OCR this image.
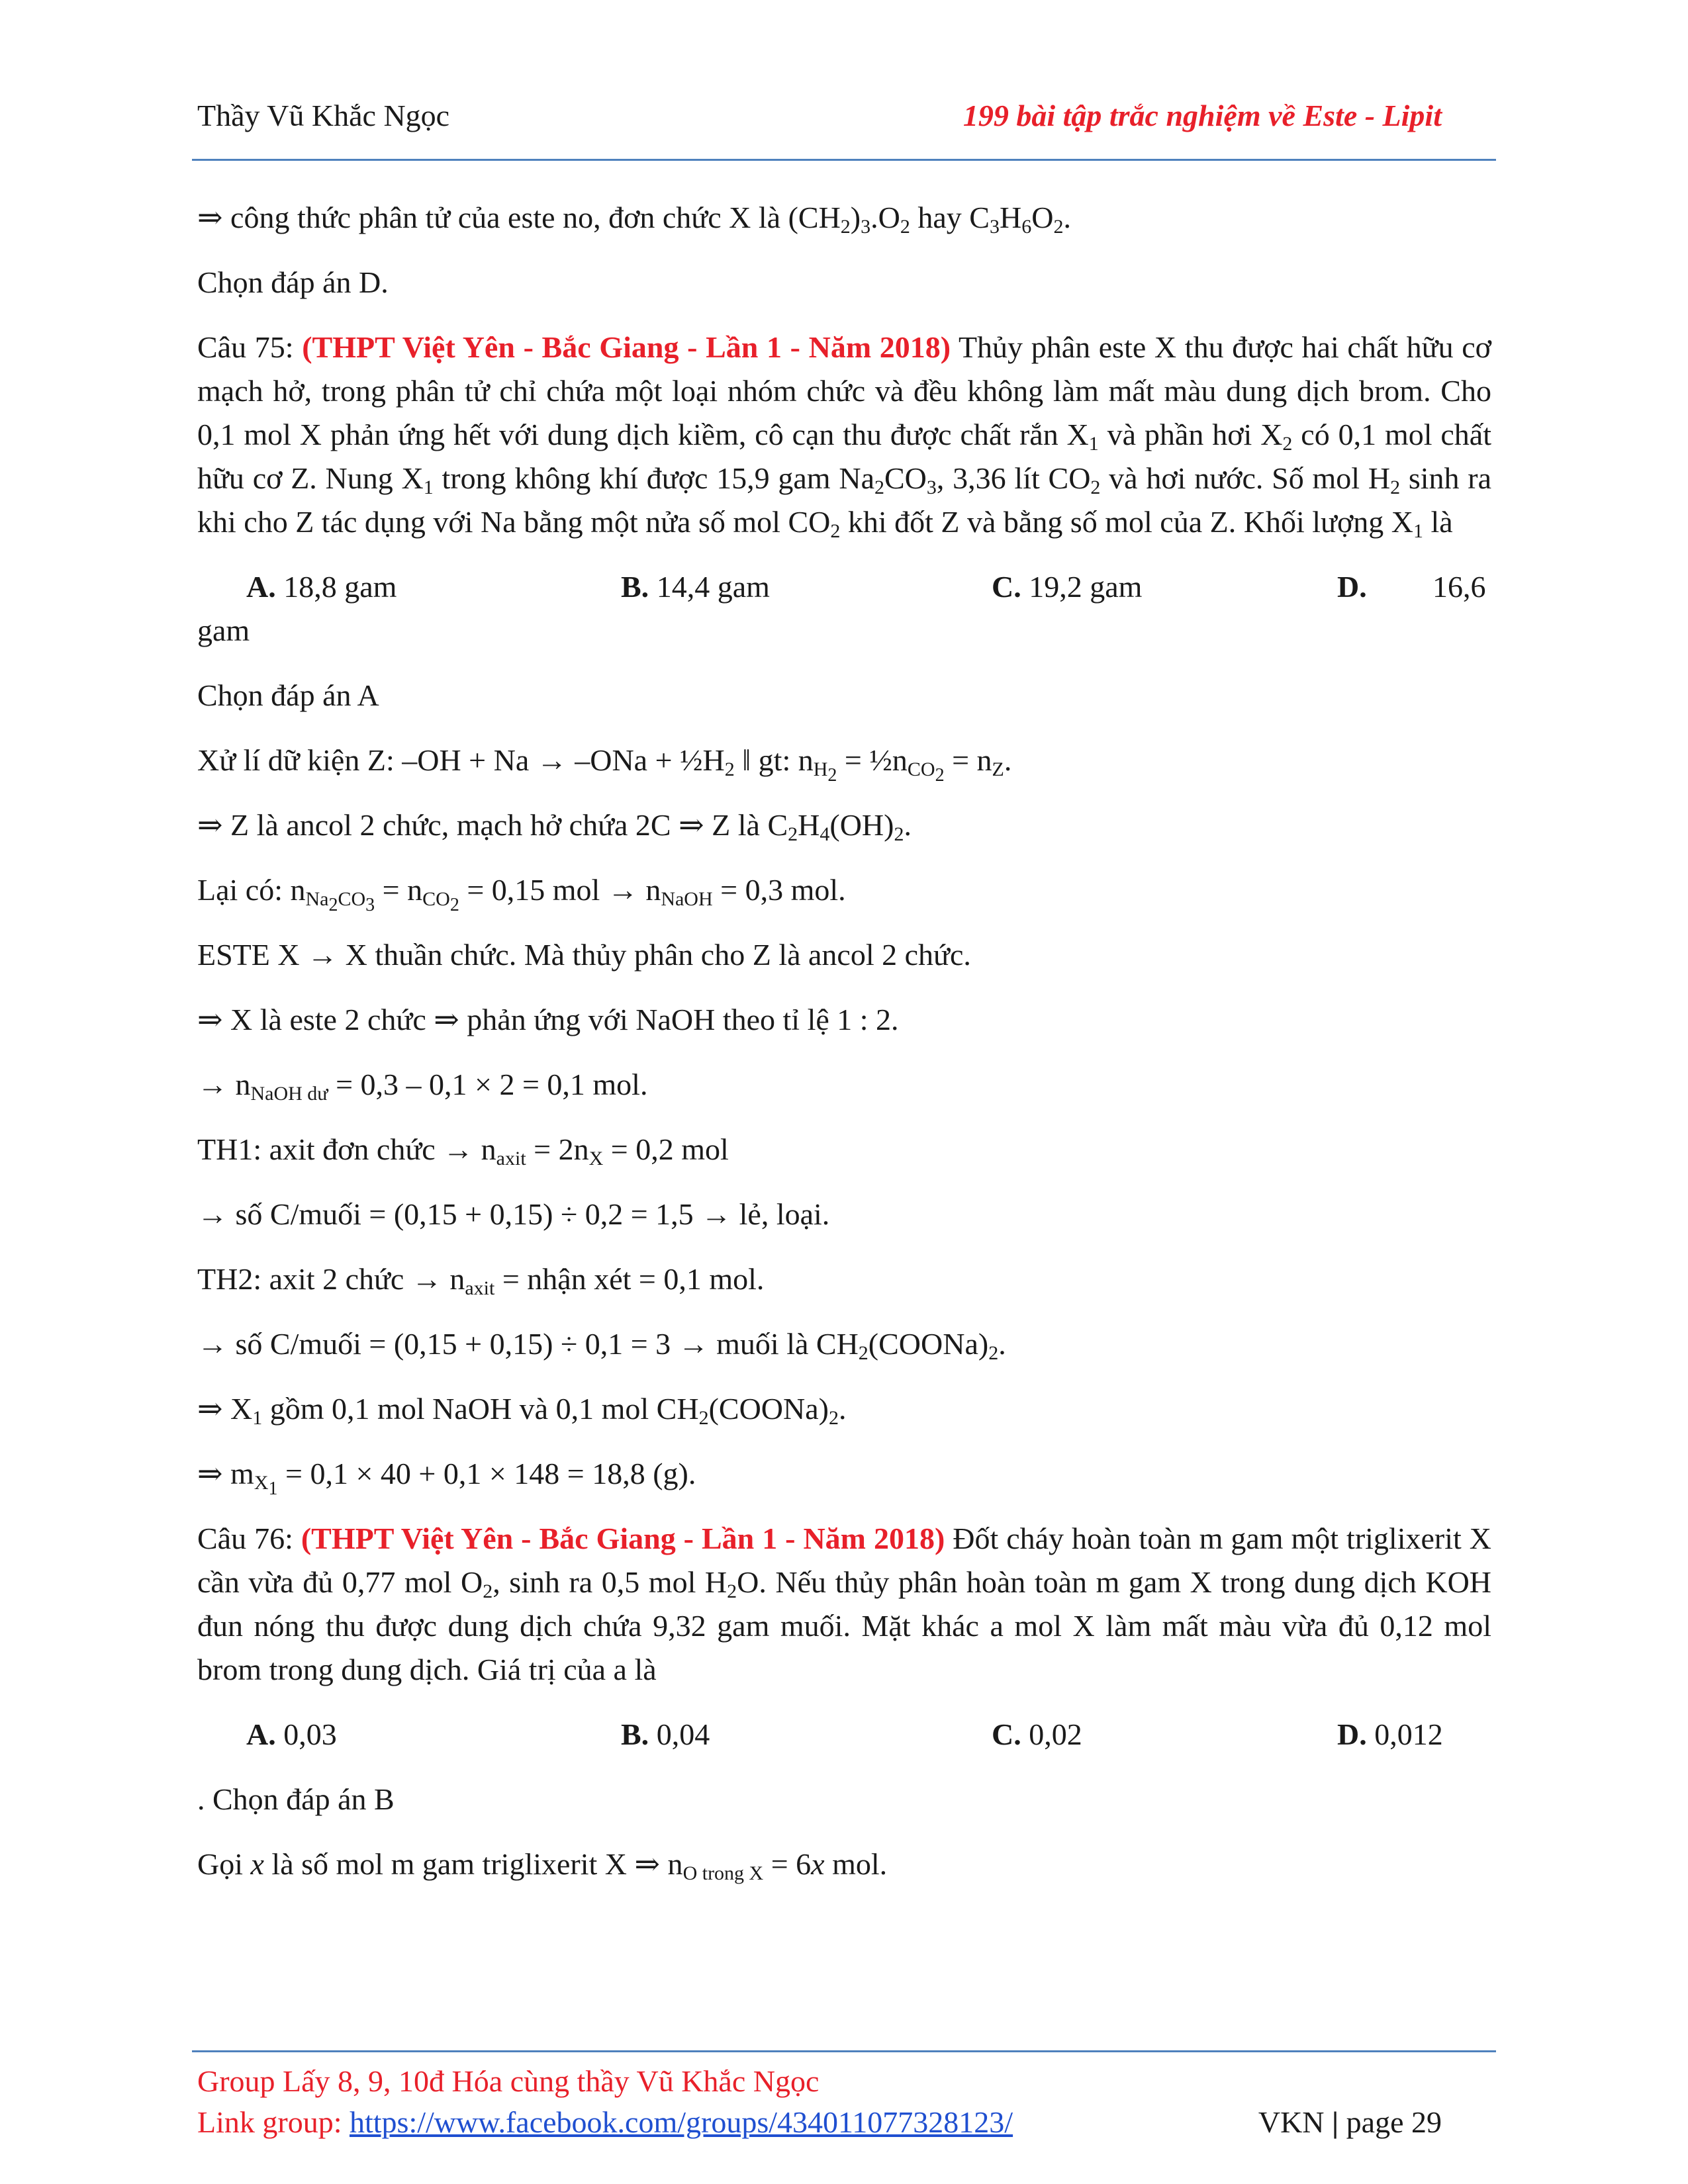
Thầy Vũ Khắc Ngọc	199 bài tập trắc nghiệm về Este - Lipit

⇒ công thức phân tử của este no, đơn chức X là $(CH_2)_3.O_2$ hay $C_3H_6O_2$.

Chọn đáp án D.

Câu 75: (THPT Việt Yên - Bắc Giang - Lần 1 - Năm 2018) Thủy phân este X thu được hai chất hữu cơ mạch hở, trong phân tử chỉ chứa một loại nhóm chức và đều không làm mất màu dung dịch brom. Cho 0,1 mol X phản ứng hết với dung dịch kiềm, cô cạn thu được chất rắn $X_1$ và phần hơi $X_2$ có 0,1 mol chất hữu cơ Z. Nung $X_1$ trong không khí được 15,9 gam $Na_2CO_3$, 3,36 lít $CO_2$ và hơi nước. Số mol $H_2$ sinh ra khi cho Z tác dụng với Na bằng một nửa số mol $CO_2$ khi đốt Z và bằng số mol của Z. Khối lượng $X_1$ là

A. 18,8 gam	B. 14,4 gam	C. 19,2 gam	D. 16,6

gam

Chọn đáp án A

Xử lí dữ kiện Z: $-OH + Na \to -ONa + \frac{1}{2}H_2$ ‖ gt: $n_{H_2}$ = $\frac{1}{2}n_{CO_2} = n_Z$.

⇒ Z là ancol 2 chức, mạch hở chứa 2C ⇒ Z là $C_2H_4(OH)_2$.

Lại có: $n_{Na_2CO_3} = n_{CO_2} = 0,15$ mol → $n_{NaOH} = 0,3$ mol.

ESTE X → X thuần chức. Mà thủy phân cho Z là ancol 2 chức.

⇒ X là este 2 chức ⇒ phản ứng với NaOH theo tỉ lệ 1 : 2.

→ $n_{NaOH dư} = 0,3 - 0,1 \times 2 = 0,1$ mol.

TH1: axit đơn chức → $n_{axit} = 2n_X = 0,2$ mol

→ số C/muối = (0,15 + 0,15) ÷ 0,2 = 1,5 → lẻ, loại.

TH2: axit 2 chức → $n_{axit}$ = nhận xét = 0,1 mol.

→ số C/muối = (0,15 + 0,15) ÷ 0,1 = 3 → muối là $CH_2(COONa)_2$.

⇒ $X_1$ gồm 0,1 mol NaOH và 0,1 mol $CH_2(COONa)_2$.

⇒ $m_{X_1} = 0,1 \times 40 + 0,1 \times 148 = 18,8$ (g).

Câu 76: (THPT Việt Yên - Bắc Giang - Lần 1 - Năm 2018) Đốt cháy hoàn toàn m gam một triglixerit X cần vừa đủ 0,77 mol $O_2$, sinh ra 0,5 mol $H_2O$. Nếu thủy phân hoàn toàn m gam X trong dung dịch KOH đun nóng thu được dung dịch chứa 9,32 gam muối. Mặt khác a mol X làm mất màu vừa đủ 0,12 mol brom trong dung dịch. Giá trị của a là

A. 0,03	B. 0,04	C. 0,02	D. 0,012

. Chọn đáp án B

Gọi x là số mol m gam triglixerit X ⇒ $n_{O trong X} = 6x$ mol.

Group Lấy 8, 9, 10đ Hóa cùng thầy Vũ Khắc Ngọc
Link group: https://www.facebook.com/groups/434011077328123/	VKN | page 29
